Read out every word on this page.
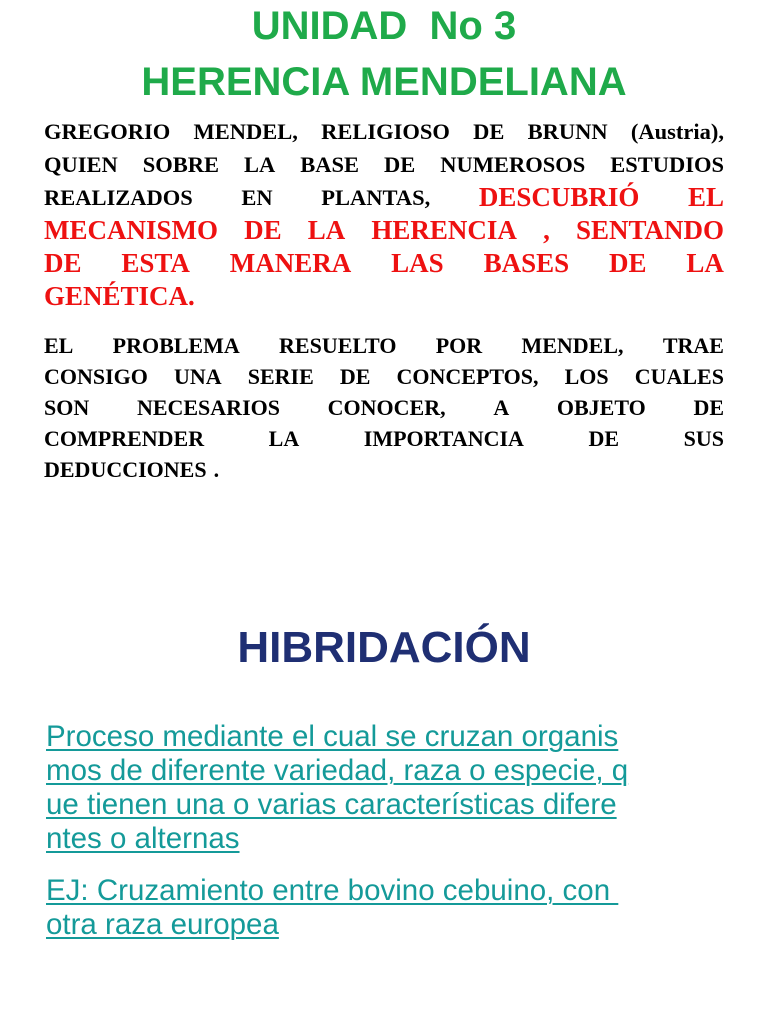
UNIDAD  No 3
HERENCIA MENDELIANA
GREGORIO MENDEL, RELIGIOSO DE BRUNN (Austria),
QUIEN SOBRE LA BASE DE NUMEROSOS ESTUDIOS
REALIZADOS EN PLANTAS, DESCUBRIÓ EL
MECANISMO DE LA HERENCIA , SENTANDO
DE ESTA MANERA LAS BASES DE LA
GENÉTICA.
EL PROBLEMA RESUELTO POR MENDEL, TRAE
CONSIGO UNA SERIE DE CONCEPTOS, LOS CUALES
SON NECESARIOS CONOCER, A OBJETO DE
COMPRENDER	LA	IMPORTANCIA	DE	SUS
DEDUCCIONES .
HIBRIDACIÓN
Proceso mediante el cual se cruzan organis
mos de diferente variedad, raza o especie, q
ue tienen una o varias características difere
ntes o alternas
EJ: Cruzamiento entre bovino cebuino, con
otra raza europea
